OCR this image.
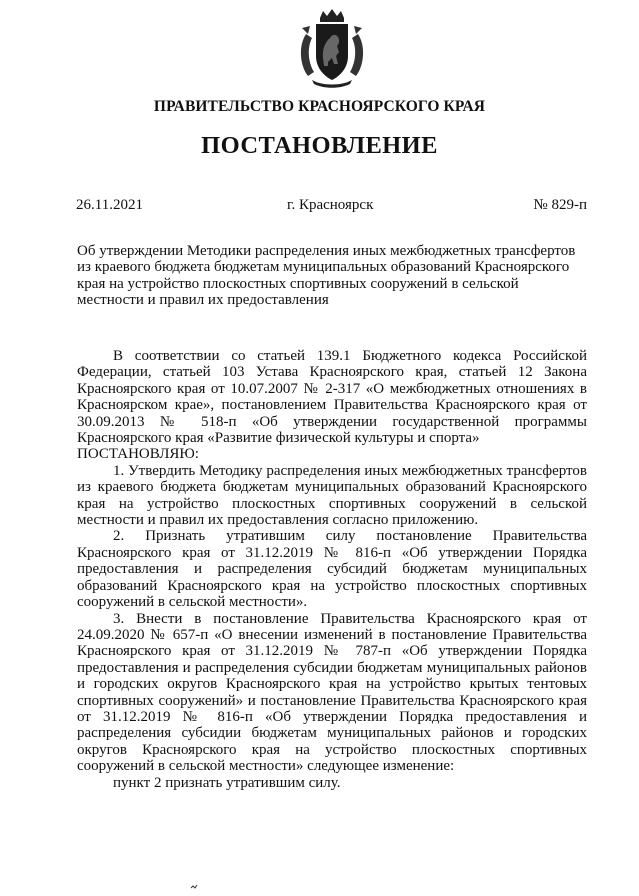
ПРАВИТЕЛЬСТВО КРАСНОЯРСКОГО КРАЯ
ПОСТАНОВЛЕНИЕ
26.11.2021	г. Красноярск	№ 829-п
Об утверждении Методики распределения иных межбюджетных трансфертов из краевого бюджета бюджетам муниципальных образований Красноярского края на устройство плоскостных спортивных сооружений в сельской местности и правил их предоставления

В соответствии со статьей 139.1 Бюджетного кодекса Российской Федерации, статьей 103 Устава Красноярского края, статьей 12 Закона Красноярского края от 10.07.2007 № 2-317 «О межбюджетных отношениях в Красноярском крае», постановлением Правительства Красноярского края от 30.09.2013 № 518-п «Об утверждении государственной программы Красноярского края «Развитие физической культуры и спорта»

ПОСТАНОВЛЯЮ:

1. Утвердить Методику распределения иных межбюджетных трансфертов из краевого бюджета бюджетам муниципальных образований Красноярского края на устройство плоскостных спортивных сооружений в сельской местности и правил их предоставления согласно приложению.

2. Признать утратившим силу постановление Правительства Красноярского края от 31.12.2019 № 816-п «Об утверждении Порядка предоставления и распределения субсидий бюджетам муниципальных образований Красноярского края на устройство плоскостных спортивных сооружений в сельской местности».

3. Внести в постановление Правительства Красноярского края от 24.09.2020 № 657-п «О внесении изменений в постановление Правительства Красноярского края от 31.12.2019 № 787-п «Об утверждении Порядка предоставления и распределения субсидии бюджетам муниципальных районов и городских округов Красноярского края на устройство крытых тентовых спортивных сооружений» и постановление Правительства Красноярского края от 31.12.2019 № 816-п «Об утверждении Порядка предоставления и распределения субсидии бюджетам муниципальных районов и городских округов Красноярского края на устройство плоскостных спортивных сооружений в сельской местности» следующее изменение:

пункт 2 признать утратившим силу.
